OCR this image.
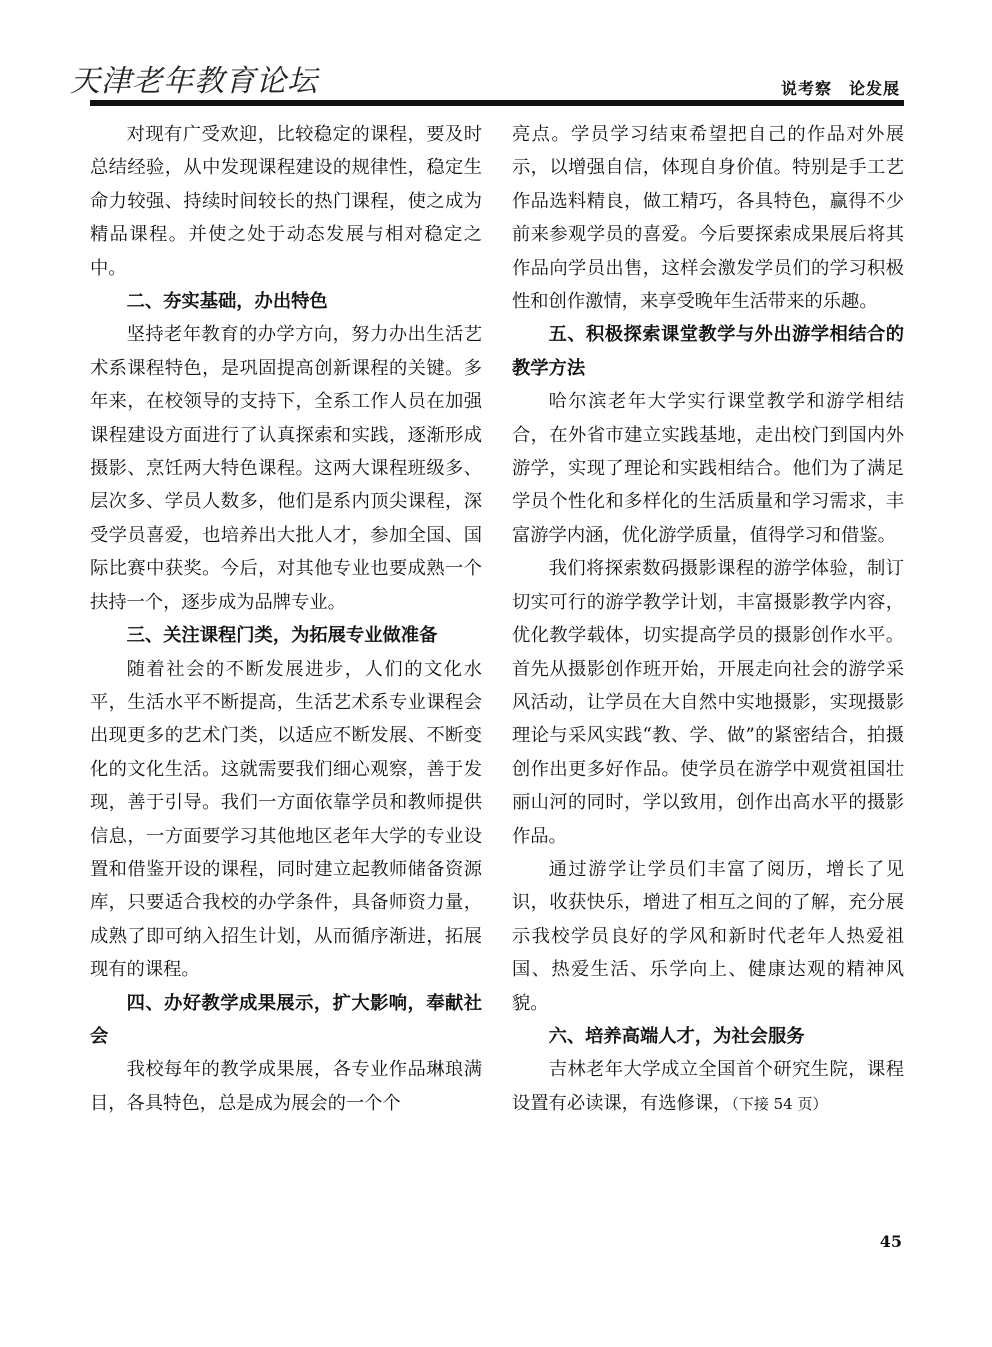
天津老年教育论坛	说考察　论发展

对现有广受欢迎，比较稳定的课程，要及时总结经验，从中发现课程建设的规律性，稳定生命力较强、持续时间较长的热门课程，使之成为精品课程。并使之处于动态发展与相对稳定之中。

二、夯实基础，办出特色

坚持老年教育的办学方向，努力办出生活艺术系课程特色，是巩固提高创新课程的关键。多年来，在校领导的支持下，全系工作人员在加强课程建设方面进行了认真探索和实践，逐渐形成摄影、烹饪两大特色课程。这两大课程班级多、层次多、学员人数多，他们是系内顶尖课程，深受学员喜爱，也培养出大批人才，参加全国、国际比赛中获奖。今后，对其他专业也要成熟一个扶持一个，逐步成为品牌专业。

三、关注课程门类，为拓展专业做准备

随着社会的不断发展进步，人们的文化水平，生活水平不断提高，生活艺术系专业课程会出现更多的艺术门类，以适应不断发展、不断变化的文化生活。这就需要我们细心观察，善于发现，善于引导。我们一方面依靠学员和教师提供信息，一方面要学习其他地区老年大学的专业设置和借鉴开设的课程，同时建立起教师储备资源库，只要适合我校的办学条件，具备师资力量，成熟了即可纳入招生计划，从而循序渐进，拓展现有的课程。

四、办好教学成果展示，扩大影响，奉献社会

我校每年的教学成果展，各专业作品琳琅满目，各具特色，总是成为展会的一个个

亮点。学员学习结束希望把自己的作品对外展示，以增强自信，体现自身价值。特别是手工艺作品选料精良，做工精巧，各具特色，赢得不少前来参观学员的喜爱。今后要探索成果展后将其作品向学员出售，这样会激发学员们的学习积极性和创作激情，来享受晚年生活带来的乐趣。

五、积极探索课堂教学与外出游学相结合的教学方法

哈尔滨老年大学实行课堂教学和游学相结合，在外省市建立实践基地，走出校门到国内外游学，实现了理论和实践相结合。他们为了满足学员个性化和多样化的生活质量和学习需求，丰富游学内涵，优化游学质量，值得学习和借鉴。

我们将探索数码摄影课程的游学体验，制订切实可行的游学教学计划，丰富摄影教学内容，优化教学载体，切实提高学员的摄影创作水平。首先从摄影创作班开始，开展走向社会的游学采风活动，让学员在大自然中实地摄影，实现摄影理论与采风实践“教、学、做”的紧密结合，拍摄创作出更多好作品。使学员在游学中观赏祖国壮丽山河的同时，学以致用，创作出高水平的摄影作品。

通过游学让学员们丰富了阅历，增长了见识，收获快乐，增进了相互之间的了解，充分展示我校学员良好的学风和新时代老年人热爱祖国、热爱生活、乐学向上、健康达观的精神风貌。

六、培养高端人才，为社会服务

吉林老年大学成立全国首个研究生院，课程设置有必读课，有选修课，（下接 54 页）

45
